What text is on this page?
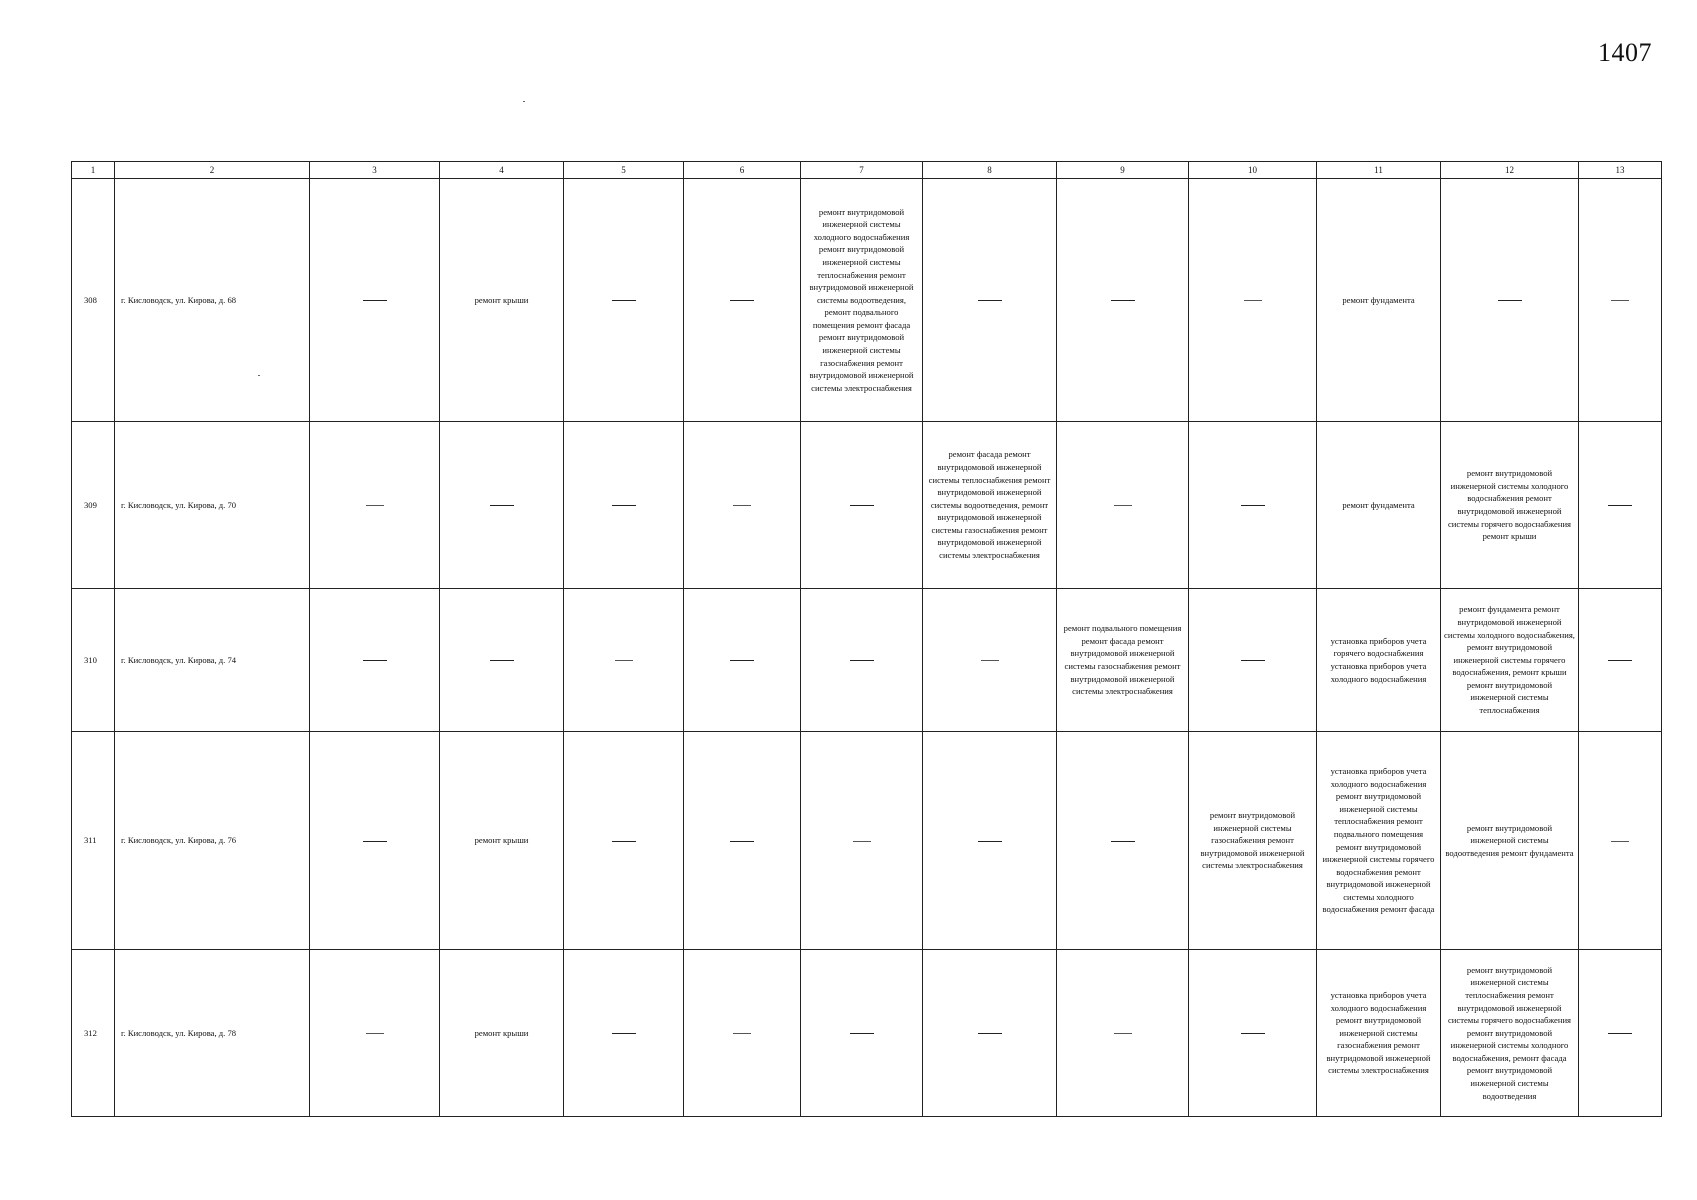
1407
1	2	3	4	5	6	7	8	9	10	11	12	13
308	г. Кисловодск, ул. Кирова, д. 68		ремонт крыши			ремонт внутридомовой инженерной системы холодного водоснабжения ремонт внутридомовой инженерной системы теплоснабжения ремонт внутридомовой инженерной системы водоотведения, ремонт подвального помещения ремонт фасада ремонт внутридомовой инженерной системы газоснабжения ремонт внутридомовой инженерной системы электроснабжения				ремонт фундамента		
309	г. Кисловодск, ул. Кирова, д. 70						ремонт фасада ремонт внутридомовой инженерной системы теплоснабжения ремонт внутридомовой инженерной системы водоотведения, ремонт внутридомовой инженерной системы газоснабжения ремонт внутридомовой инженерной системы электроснабжения			ремонт фундамента	ремонт внутридомовой инженерной системы холодного водоснабжения ремонт внутридомовой инженерной системы горячего водоснабжения ремонт крыши	
310	г. Кисловодск, ул. Кирова, д. 74							ремонт подвального помещения ремонт фасада ремонт внутридомовой инженерной системы газоснабжения ремонт внутридомовой инженерной системы электроснабжения		установка приборов учета горячего водоснабжения установка приборов учета холодного водоснабжения	ремонт фундамента ремонт внутридомовой инженерной системы холодного водоснабжения, ремонт внутридомовой инженерной системы горячего водоснабжения, ремонт крыши ремонт внутридомовой инженерной системы теплоснабжения	
311	г. Кисловодск, ул. Кирова, д. 76		ремонт крыши						ремонт внутридомовой инженерной системы газоснабжения ремонт внутридомовой инженерной системы электроснабжения	установка приборов учета холодного водоснабжения ремонт внутридомовой инженерной системы теплоснабжения ремонт подвального помещения ремонт внутридомовой инженерной системы горячего водоснабжения ремонт внутридомовой инженерной системы холодного водоснабжения ремонт фасада	ремонт внутридомовой инженерной системы водоотведения ремонт фундамента	
312	г. Кисловодск, ул. Кирова, д. 78		ремонт крыши							установка приборов учета холодного водоснабжения ремонт внутридомовой инженерной системы газоснабжения ремонт внутридомовой инженерной системы электроснабжения	ремонт внутридомовой инженерной системы теплоснабжения ремонт внутридомовой инженерной системы горячего водоснабжения ремонт внутридомовой инженерной системы холодного водоснабжения, ремонт фасада ремонт внутридомовой инженерной системы водоотведения	
